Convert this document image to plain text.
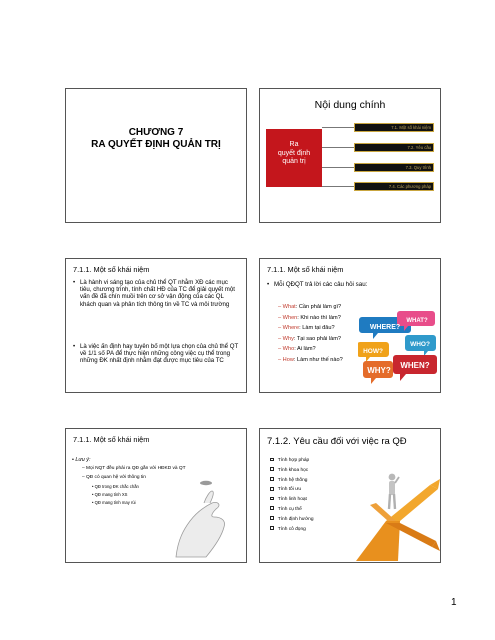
CHƯƠNG 7
RA QUYẾT ĐỊNH QUẢN TRỊ
Nội dung chính
Ra
quyết định
quản trị
7.1. Một số khái niệm
7.2. Yêu cầu
7.3. Quy trình
7.4. Các phương pháp
7.1.1. Một số khái niệm
• Là hành vi sáng tạo của chủ thể QT nhằm XĐ các mục tiêu, chương trình, tính chất HĐ của TC để giải quyết một vấn đề đã chín muồi trên cơ sở vận động của các QL khách quan và phân tích thông tin về TC và môi trường
• Là việc ấn định hay tuyên bố một lựa chọn của chủ thể QT về 1/1 số PA để thực hiện những công việc cụ thể trong những ĐK nhất định nhằm đạt được mục tiêu của TC
7.1.1. Một số khái niệm
• Mỗi QĐQT trả lời các câu hỏi sau:
– What: Cần phải làm gì?
– When: Khi nào thì làm?
– Where: Làm tại đâu?
– Why: Tại sao phải làm?
– Who: Ai làm?
– How: Làm như thế nào?
WHERE?
WHAT?
HOW?
WHO?
WHY?
WHEN?
7.1.1. Một số khái niệm
• Lưu ý:
– Mọi NQT đều phải ra QĐ gắn với HĐKD và QT
– QĐ có quan hệ với thông tin
• QĐ trong ĐK chắc chắn
• QĐ mang tính XS
• QĐ mang tính may rủi
7.1.2. Yêu cầu đối với việc ra QĐ
Tính hợp pháp
Tính khoa học
Tính hệ thống
Tính tối ưu
Tính linh hoạt
Tính cụ thể
Tính định hướng
Tính cô đọng
1
